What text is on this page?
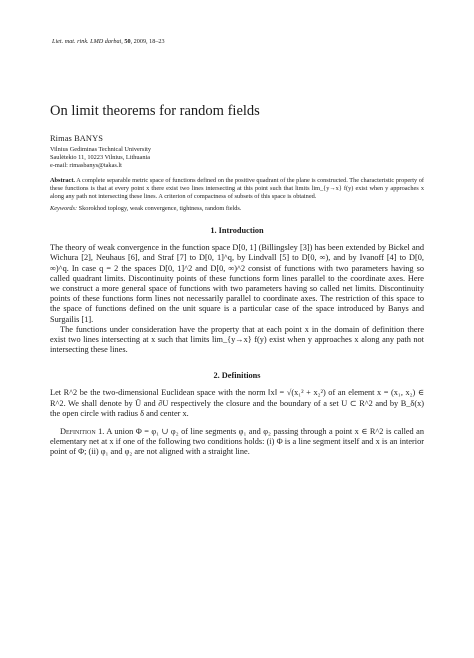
Liet. mat. rink. LMD darbai, 50, 2009, 18–23
On limit theorems for random fields
Rimas BANYS
Vilnius Gediminas Technical University
Saulėtekio 11, 10223 Vilnius, Lithuania
e-mail: rimasbanys@takas.lt
Abstract. A complete separable metric space of functions defined on the positive quadrant of the plane is constructed. The characteristic property of these functions is that at every point x there exist two lines intersecting at this point such that limits lim_{y→x} f(y) exist when y approaches x along any path not intersecting these lines. A criterion of compactness of subsets of this space is obtained.
Keywords: Skorokhod toplogy, weak convergence, tightness, random fields.
1. Introduction

The theory of weak convergence in the function space D[0, 1] (Billingsley [3]) has been extended by Bickel and Wichura [2], Neuhaus [6], and Straf [7] to D[0, 1]^q, by Lindvall [5] to D[0, ∞), and by Ivanoff [4] to D[0, ∞)^q. In case q = 2 the spaces D[0, 1]^2 and D[0, ∞)^2 consist of functions with two parameters having so called quadrant limits. Discontinuity points of these functions form lines parallel to the coordinate axes. Here we construct a more general space of functions with two parameters having so called net limits. Discontinuity points of these functions form lines not necessarily parallel to coordinate axes. The restriction of this space to the space of functions defined on the unit square is a particular case of the space introduced by Banys and Surgailis [1].

The functions under consideration have the property that at each point x in the domain of definition there exist two lines intersecting at x such that limits lim_{y→x} f(y) exist when y approaches x along any path not intersecting these lines.

2. Definitions

Let R^2 be the two-dimensional Euclidean space with the norm ‖x‖ = √(x₁² + x₂²) of an element x = (x₁, x₂) ∈ R^2. We shall denote by Ū and ∂U respectively the closure and the boundary of a set U ⊂ R^2 and by B_δ(x) the open circle with radius δ and center x.

Definition 1. A union Φ = φ₁ ∪ φ₂ of line segments φ₁ and φ₂ passing through a point x ∈ R^2 is called an elementary net at x if one of the following two conditions holds: (i) Φ is a line segment itself and x is an interior point of Φ; (ii) φ₁ and φ₂ are not aligned with a straight line.
